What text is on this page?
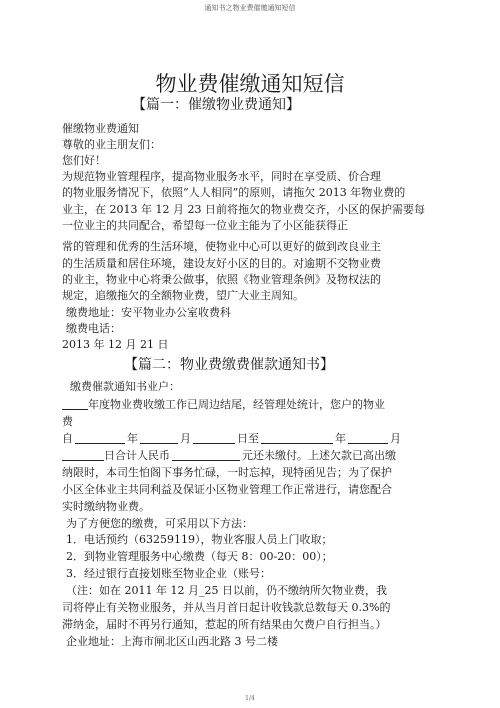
通知书之物业费催缴通知短信
物业费催缴通知短信
【篇一：催缴物业费通知】
催缴物业费通知
尊敬的业主朋友们：
您们好！
为规范物业管理程序，提高物业服务水平，同时在享受质、价合理
的物业服务情况下，依照“人人相同”的原则，请拖欠 2013 年物业费的
业主，在 2013 年 12 月 23 日前将拖欠的物业费交齐，小区的保护需要每
一位业主的共同配合，希望每一位业主能为了小区能获得正
常的管理和优秀的生活环境，使物业中心可以更好的做到改良业主
的生活质量和居住环境，建设友好小区的目的。对逾期不交物业费
的业主，物业中心将秉公做事，依照《物业管理条例》及物权法的
规定，追缴拖欠的全额物业费，望广大业主周知。
缴费地址：安平物业办公室收费科
缴费电话：
2013 年 12 月 21 日
【篇二：物业费缴费催款通知书】
缴费催款通知书业户：
年度物业费收缴工作已周边结尾，经管理处统计，您户的物业
费
自	年	月	日至	年	月
日合计人民币	元还未缴付。上述欠款已高出缴
纳限时，本司生怕阁下事务忙碌，一时忘掉，现特函见告；为了保护
小区全体业主共同利益及保证小区物业管理工作正常进行，请您配合
实时缴纳物业费。
为了方便您的缴费，可采用以下方法：
1．电话预约（63259119），物业客服人员上门收取；
2．到物业管理服务中心缴费（每天 8：00-20：00）；
3．经过银行直接划账至物业企业（账号：
（注：如在 2011 年 12 月_25 日以前，仍不缴纳所欠物业费，我
司将停止有关物业服务，并从当月首日起计收钱款总数每天 0.3%的
滞纳金，届时不再另行通知，惹起的所有结果由欠费户自行担当。）
企业地址：上海市闸北区山西北路 3 号二楼
1/4
